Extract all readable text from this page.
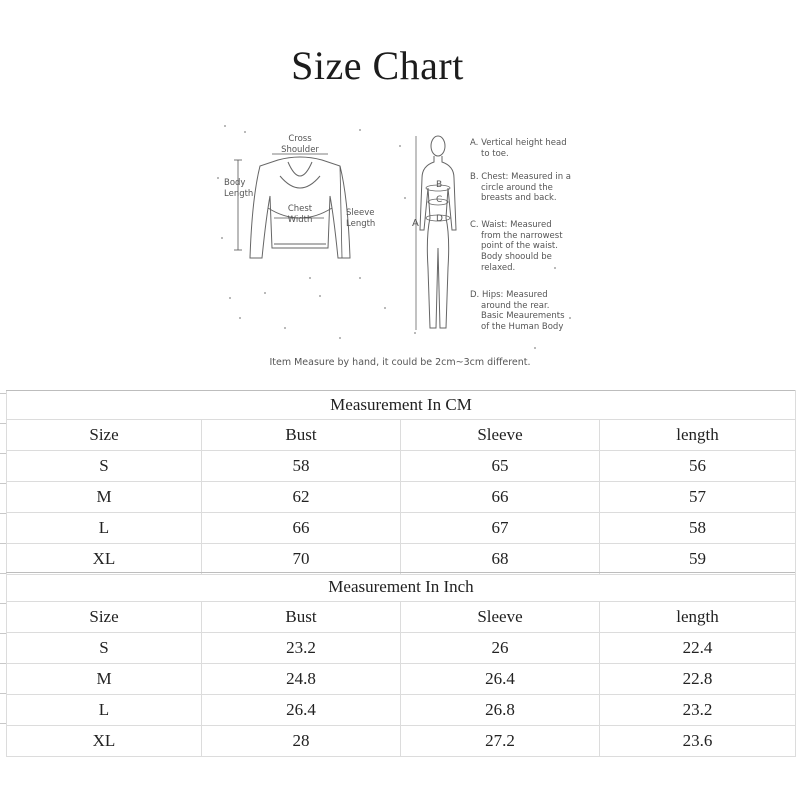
Size Chart
Cross
Shoulder
Body
Length
Chest
Width
Sleeve
Length	A
B
C
D
A. Vertical height head
to toe.
B. Chest: Measured in a
circle around the
breasts and back.
C. Waist: Measured
from the narrowest
point of the waist.
Body shoould be
relaxed.
D. Hips: Measured
around the rear.
Basic Meaurements
of the Human Body
Item Measure by hand, it could be 2cm~3cm different.
Measurement In CM			
Size	Bust	Sleeve	length
S	58	65	56
M	62	66	57
L	66	67	58
XL	70	68	59
Measurement In Inch			
Size	Bust	Sleeve	length
S	23.2	26	22.4
M	24.8	26.4	22.8
L	26.4	26.8	23.2
XL	28	27.2	23.6
